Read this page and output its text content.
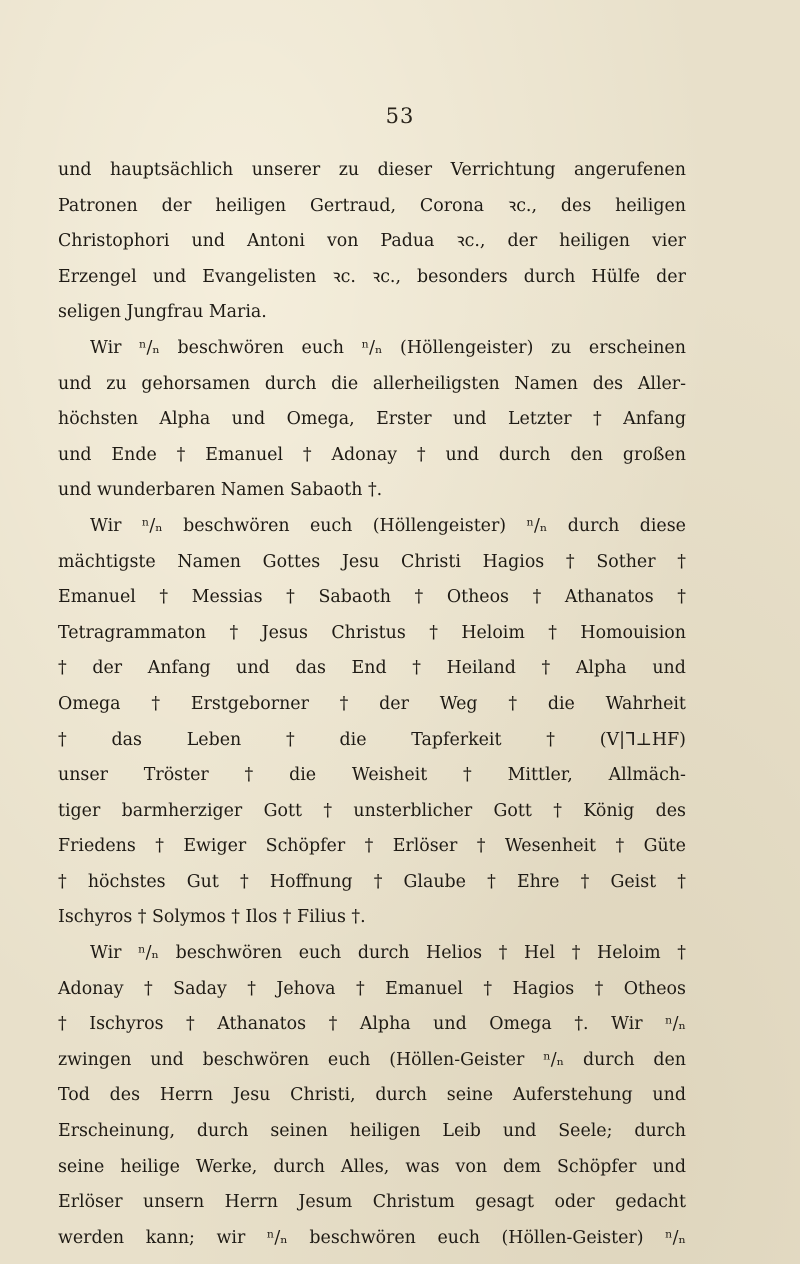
53
und hauptsächlich unserer zu dieser Verrichtung angerufenen
Patronen der heiligen Gertraud, Corona ꝛc., des heiligen
Christophori und Antoni von Padua ꝛc., der heiligen vier
Erzengel und Evangelisten ꝛc. ꝛc., besonders durch Hülfe der
seligen Jungfrau Maria.
Wir ⁿ/ₙ beschwören euch ⁿ/ₙ (Höllengeister) zu erscheinen
und zu gehorsamen durch die allerheiligsten Namen des Aller-
höchsten Alpha und Omega, Erster und Letzter † Anfang
und Ende † Emanuel † Adonay † und durch den großen
und wunderbaren Namen Sabaoth †.
Wir ⁿ/ₙ beschwören euch (Höllengeister) ⁿ/ₙ durch diese
mächtigste Namen Gottes Jesu Christi Hagios † Sother †
Emanuel † Messias † Sabaoth † Otheos † Athanatos †
Tetragrammaton † Jesus Christus † Heloim † Homouision
† der Anfang und das End † Heiland † Alpha und
Omega † Erstgeborner † der Weg † die Wahrheit
†	das	Leben	†	die	Tapferkeit	†	(V|ᒣ⊥HF)
unser Tröster † die Weisheit † Mittler, Allmäch-
tiger barmherziger Gott † unsterblicher Gott † König des
Friedens † Ewiger Schöpfer † Erlöser † Wesenheit † Güte
† höchstes Gut † Hoffnung † Glaube † Ehre † Geist †
Ischyros † Solymos † Ilos † Filius †.
Wir ⁿ/ₙ beschwören euch durch Helios † Hel † Heloim †
Adonay † Saday † Jehova † Emanuel † Hagios † Otheos
† Ischyros † Athanatos † Alpha und Omega †. Wir ⁿ/ₙ
zwingen und beschwören euch (Höllen-Geister ⁿ/ₙ durch den
Tod des Herrn Jesu Christi, durch seine Auferstehung und
Erscheinung, durch seinen heiligen Leib und Seele; durch
seine heilige Werke, durch Alles, was von dem Schöpfer und
Erlöser unsern Herrn Jesum Christum gesagt oder gedacht
werden kann; wir ⁿ/ₙ beschwören euch (Höllen-Geister) ⁿ/ₙ
